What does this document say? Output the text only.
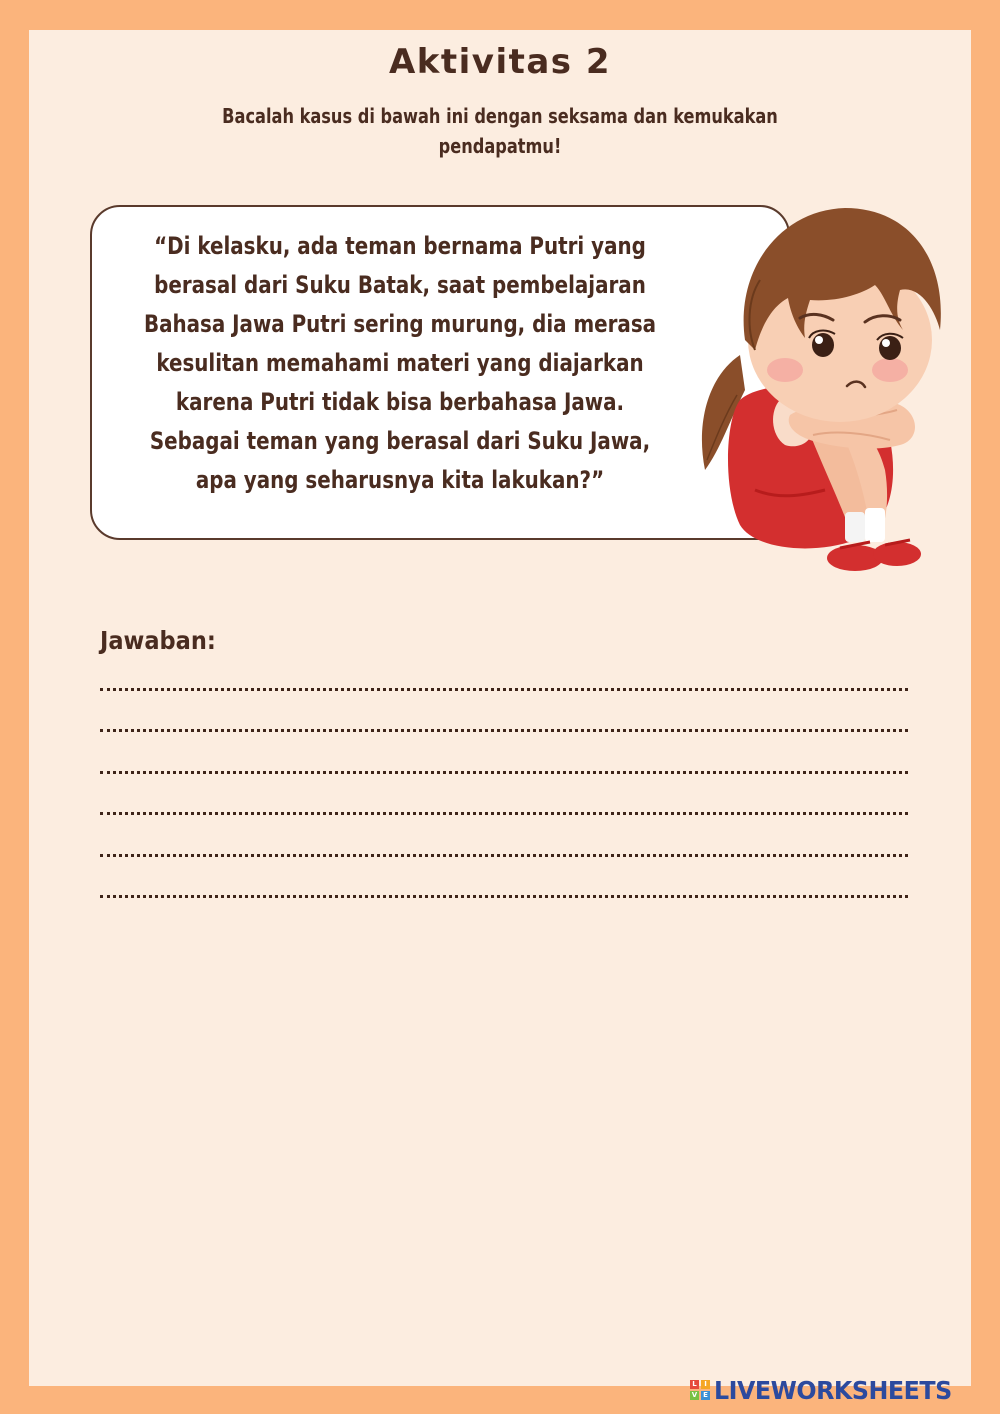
Aktivitas 2
Bacalah kasus di bawah ini dengan seksama dan kemukakan
pendapatmu!
“Di kelasku, ada teman bernama Putri yang
berasal dari Suku Batak, saat pembelajaran
Bahasa Jawa Putri sering murung, dia merasa
kesulitan memahami materi yang diajarkan
karena Putri tidak bisa berbahasa Jawa.
Sebagai teman yang berasal dari Suku Jawa,
apa yang seharusnya kita lakukan?”
Jawaban:
L	I
V E LIVEWORKSHEETS
